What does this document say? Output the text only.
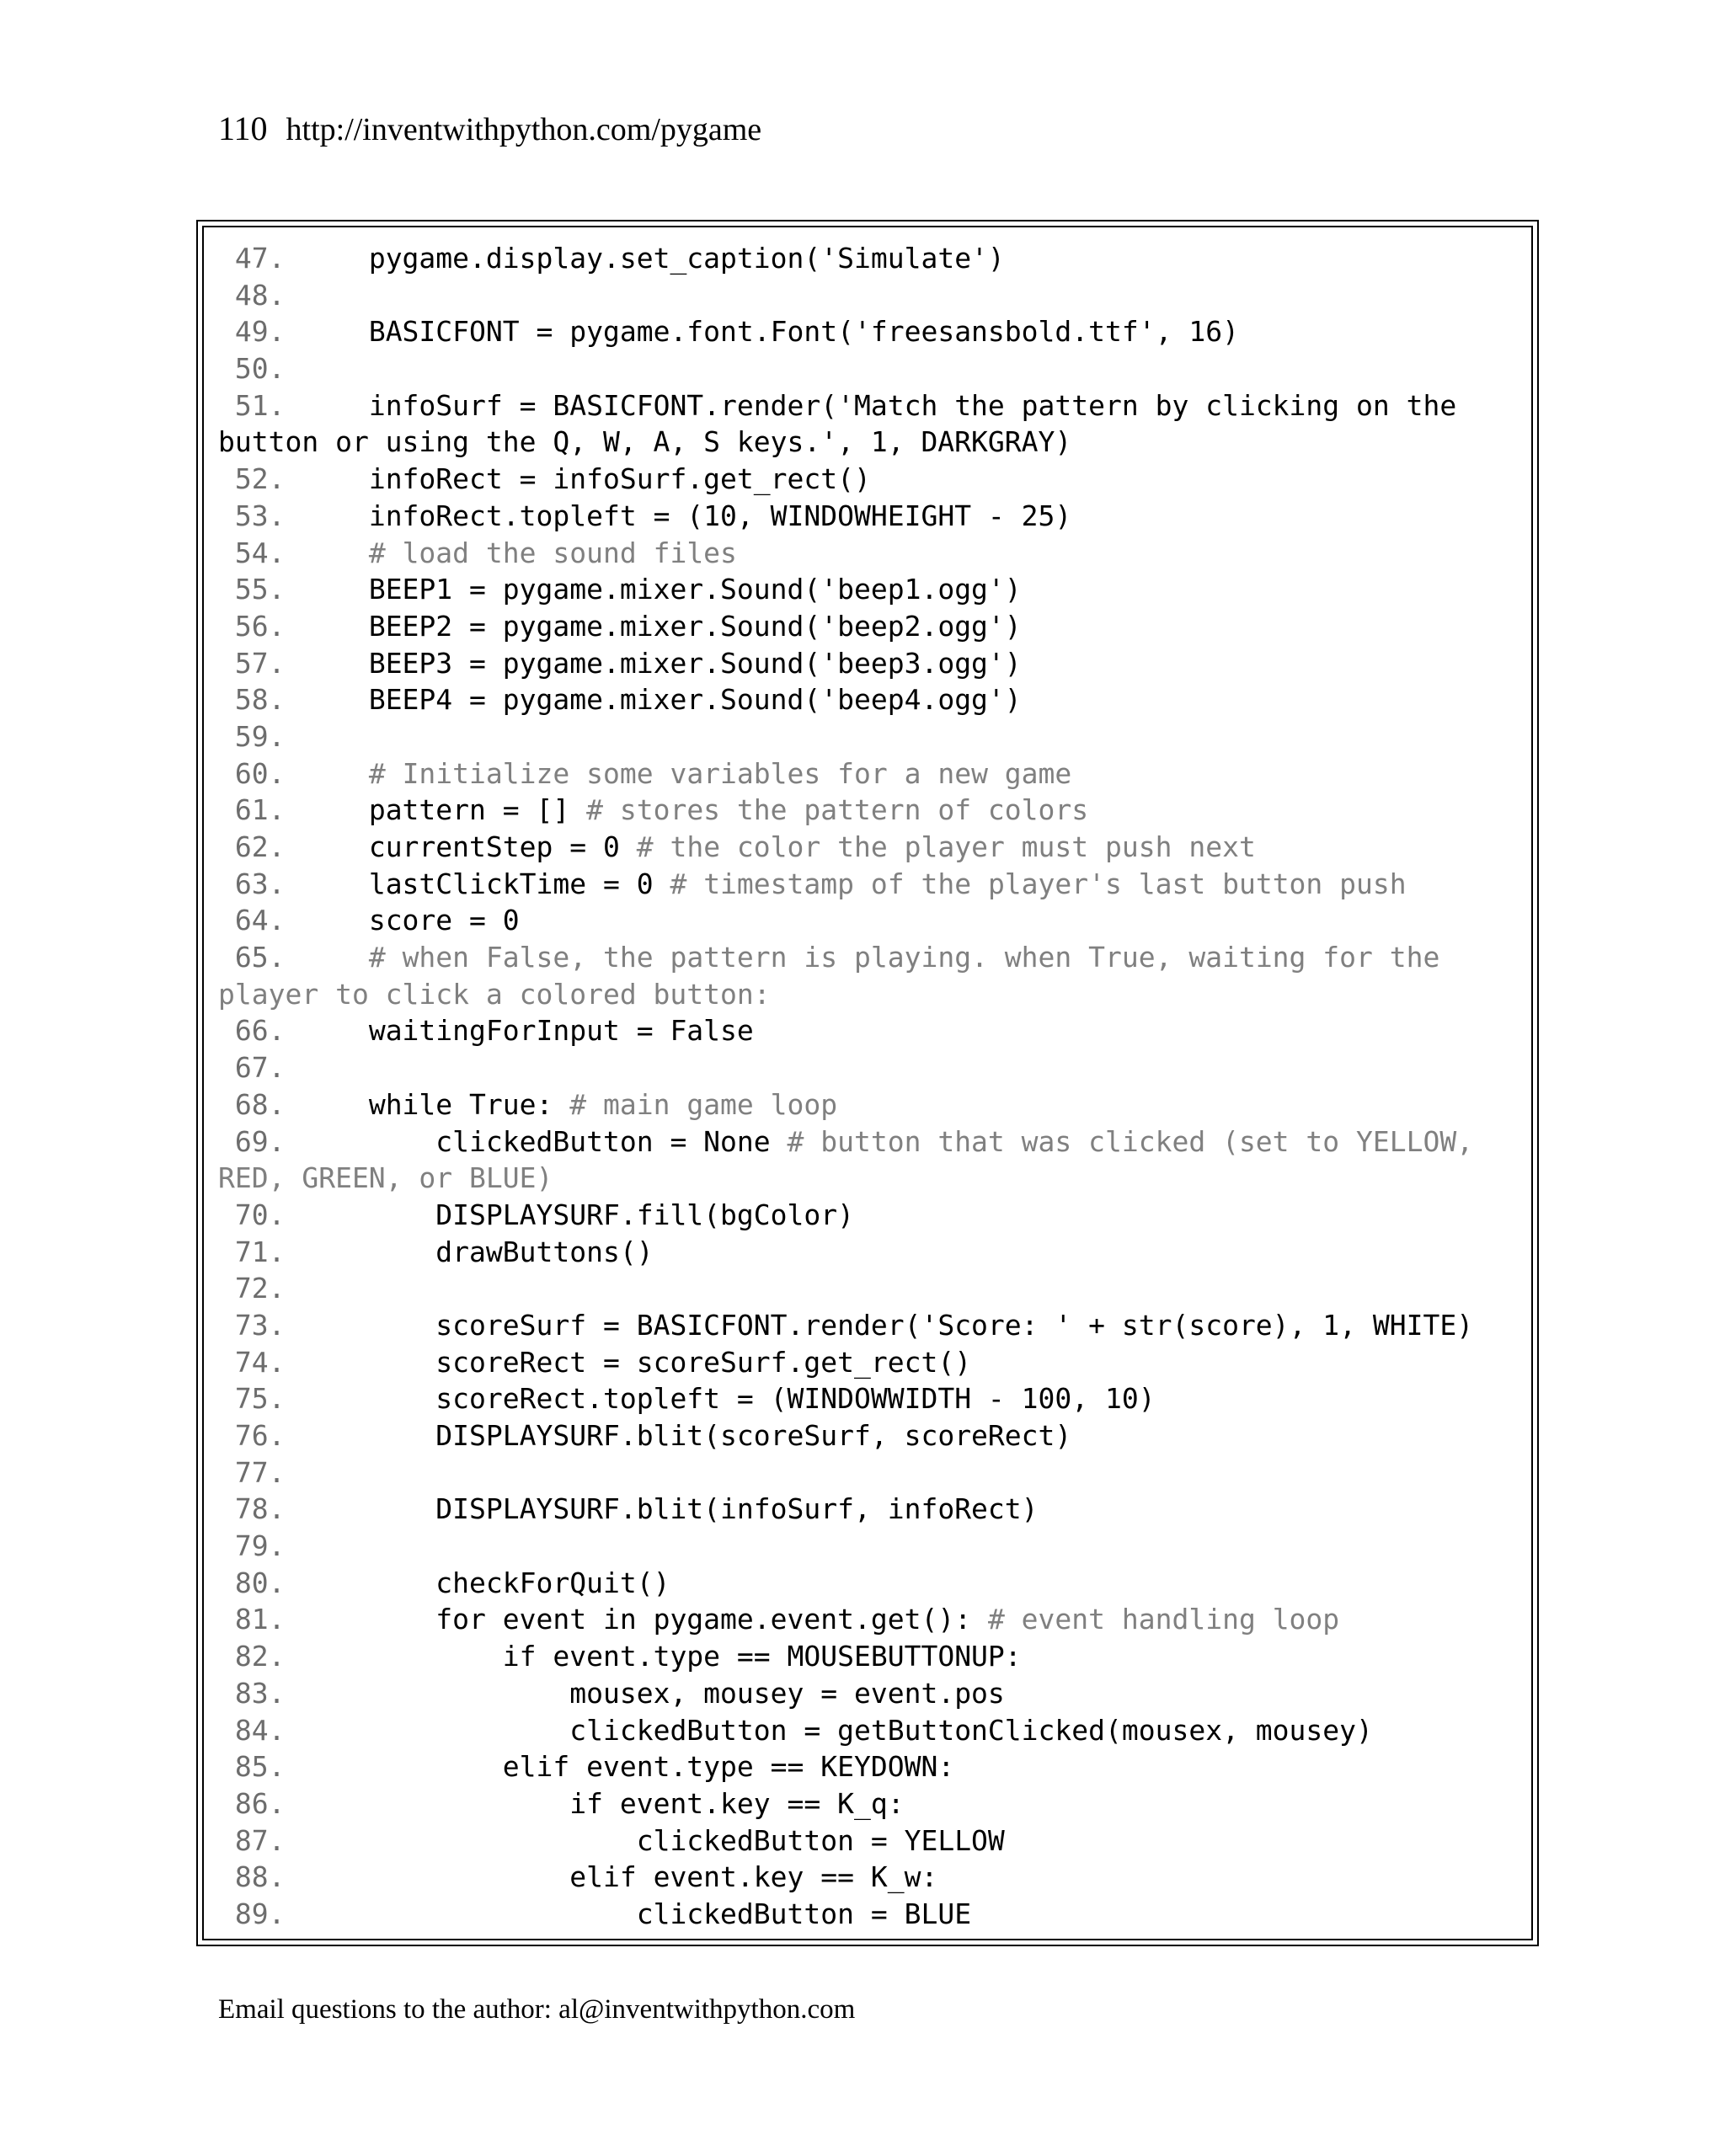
110 http://inventwithpython.com/pygame
47.     pygame.display.set_caption('Simulate')
48.
49.     BASICFONT = pygame.font.Font('freesansbold.ttf', 16)
50.
51.     infoSurf = BASICFONT.render('Match the pattern by clicking on the
button or using the Q, W, A, S keys.', 1, DARKGRAY)
52.     infoRect = infoSurf.get_rect()
53.     infoRect.topleft = (10, WINDOWHEIGHT - 25)
54.	# load the sound files
55.     BEEP1 = pygame.mixer.Sound('beep1.ogg')
56.     BEEP2 = pygame.mixer.Sound('beep2.ogg')
57.     BEEP3 = pygame.mixer.Sound('beep3.ogg')
58.     BEEP4 = pygame.mixer.Sound('beep4.ogg')
59.
60.	# Initialize some variables for a new game
61.     pattern = [] # stores the pattern of colors
62.     currentStep = 0 # the color the player must push next
63.     lastClickTime = 0 # timestamp of the player's last button push
64.     score = 0
65.	# when False, the pattern is playing. when True, waiting for the
player to click a colored button:
66.     waitingForInput = False
67.
68.     while True: # main game loop
69.         clickedButton = None # button that was clicked (set to YELLOW,
RED, GREEN, or BLUE)
70.         DISPLAYSURF.fill(bgColor)
71.         drawButtons()
72.
73.         scoreSurf = BASICFONT.render('Score: ' + str(score), 1, WHITE)
74.         scoreRect = scoreSurf.get_rect()
75.         scoreRect.topleft = (WINDOWWIDTH - 100, 10)
76.         DISPLAYSURF.blit(scoreSurf, scoreRect)
77.
78.         DISPLAYSURF.blit(infoSurf, infoRect)
79.
80.         checkForQuit()
81.         for event in pygame.event.get(): # event handling loop
82.             if event.type == MOUSEBUTTONUP:
83.                 mousex, mousey = event.pos
84.                 clickedButton = getButtonClicked(mousex, mousey)
85.             elif event.type == KEYDOWN:
86.                 if event.key == K_q:
87.                     clickedButton = YELLOW
88.                 elif event.key == K_w:
89.                     clickedButton = BLUE
Email questions to the author: al@inventwithpython.com
